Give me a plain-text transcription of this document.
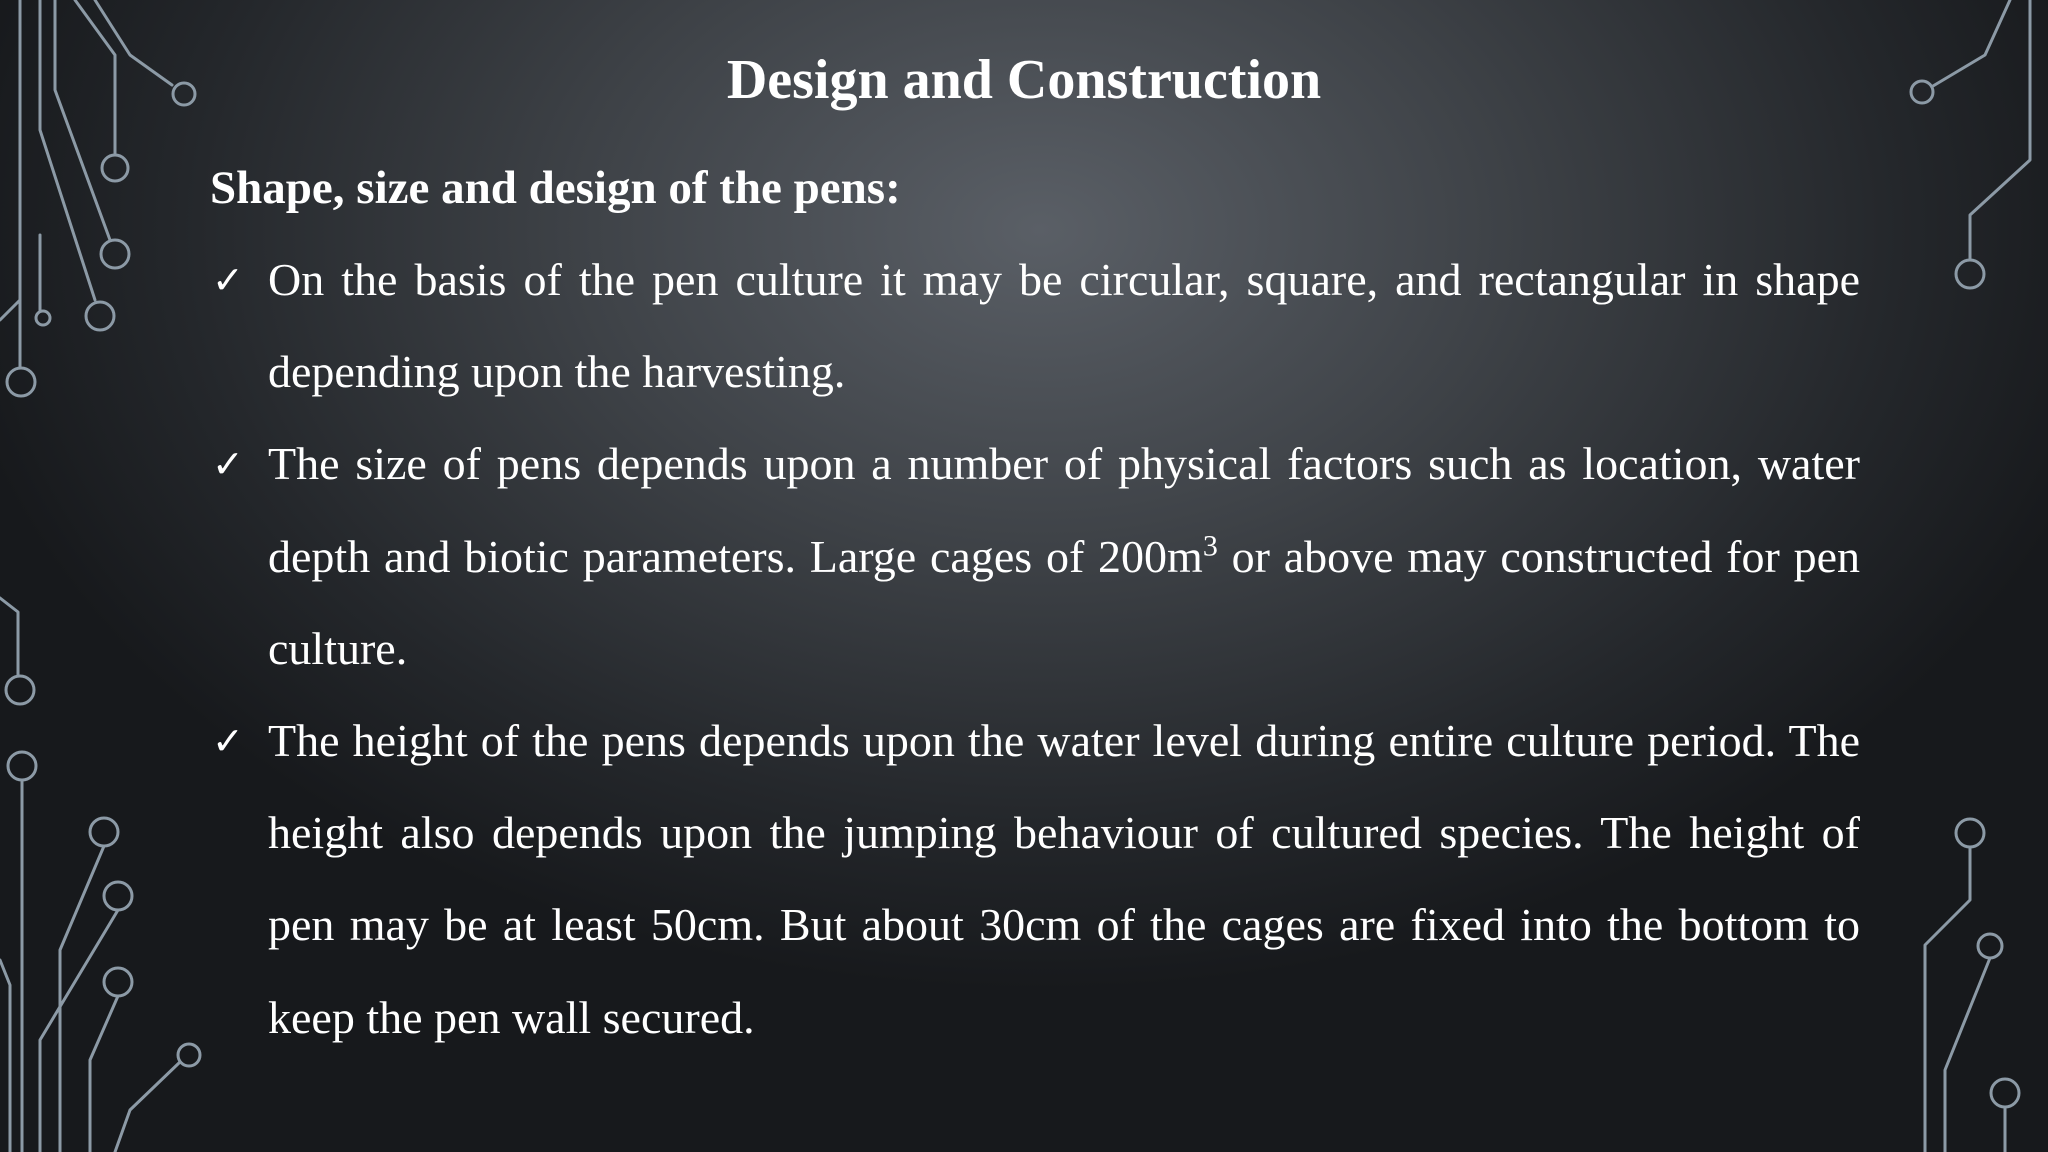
Design and Construction
Shape, size and design of the pens:
✓ On the basis of the pen culture it may be circular, square, and rectangular in shape depending upon the harvesting.
✓ The size of pens depends upon a number of physical factors such as location, water depth and biotic parameters. Large cages of $200m^3$ or above may constructed for pen culture.
✓ The height of the pens depends upon the water level during entire culture period. The height also depends upon the jumping behaviour of cultured species. The height of pen may be at least 50cm. But about 30cm of the cages are fixed into the bottom to keep the pen wall secured.
